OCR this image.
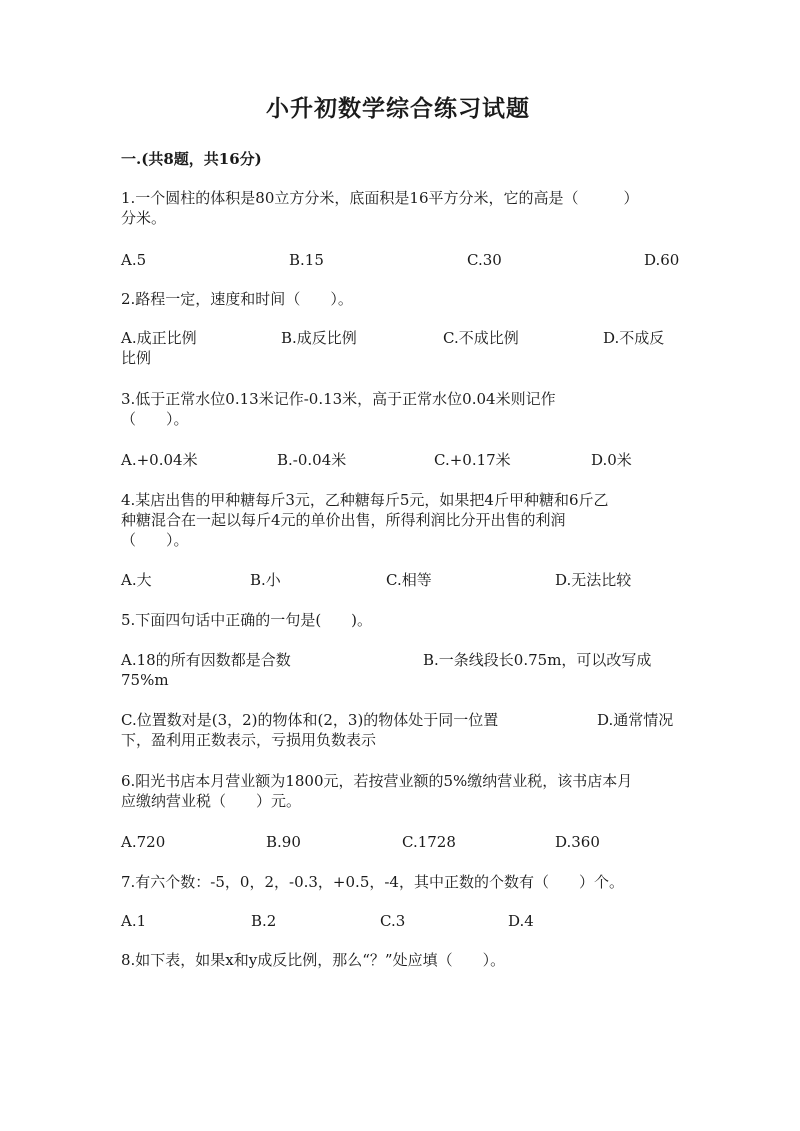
小升初数学综合练习试题
一.(共8题，共16分)
1.一个圆柱的体积是80立方分米，底面积是16平方分米，它的高是（　　　）
分米。
A.5	B.15	C.30	D.60
2.路程一定，速度和时间（　　）。
A.成正比例	B.成反比例	C.不成比例	D.不成反
比例
3.低于正常水位0.13米记作-0.13米，高于正常水位0.04米则记作
（　　）。
A.+0.04米	B.-0.04米	C.+0.17米	D.0米
4.某店出售的甲种糖每斤3元，乙种糖每斤5元，如果把4斤甲种糖和6斤乙
种糖混合在一起以每斤4元的单价出售，所得利润比分开出售的利润
（　　）。
A.大	B.小	C.相等	D.无法比较
5.下面四句话中正确的一句是(　　)。
A.18的所有因数都是合数	B.一条线段长0.75m，可以改写成
75%m
C.位置数对是(3，2)的物体和(2，3)的物体处于同一位置	D.通常情况
下，盈利用正数表示，亏损用负数表示
6.阳光书店本月营业额为1800元，若按营业额的5%缴纳营业税，该书店本月
应缴纳营业税（　　）元。
A.720	B.90	C.1728	D.360
7.有六个数：-5，0，2，-0.3，+0.5，-4，其中正数的个数有（　　）个。
A.1	B.2	C.3	D.4
8.如下表，如果x和y成反比例，那么“？”处应填（　　）。
